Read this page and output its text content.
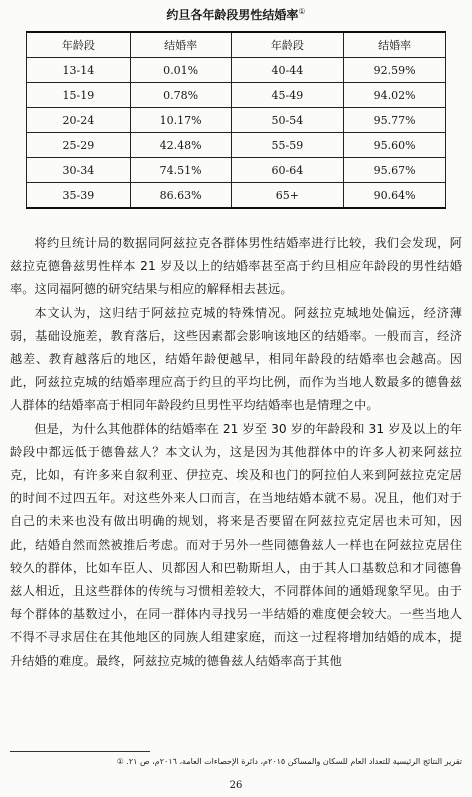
约旦各年龄段男性结婚率①
年龄段	结婚率	年龄段	结婚率
13-14	0.01%	40-44	92.59%
15-19	0.78%	45-49	94.02%
20-24	10.17%	50-54	95.77%
25-29	42.48%	55-59	95.60%
30-34	74.51%	60-64	95.67%
35-39	86.63%	65+	90.64%

将约旦统计局的数据同阿兹拉克各群体男性结婚率进行比较，我们会发现，阿兹拉克德鲁兹男性样本 21 岁及以上的结婚率甚至高于约旦相应年龄段的男性结婚率。这同福阿德的研究结果与相应的解释相去甚远。

本文认为，这归结于阿兹拉克城的特殊情况。阿兹拉克城地处偏远，经济薄弱，基础设施差，教育落后，这些因素都会影响该地区的结婚率。一般而言，经济越差、教育越落后的地区，结婚年龄便越早，相同年龄段的结婚率也会越高。因此，阿兹拉克城的结婚率理应高于约旦的平均比例，而作为当地人数最多的德鲁兹人群体的结婚率高于相同年龄段约旦男性平均结婚率也是情理之中。

但是，为什么其他群体的结婚率在 21 岁至 30 岁的年龄段和 31 岁及以上的年龄段中都远低于德鲁兹人？本文认为，这是因为其他群体中的许多人初来阿兹拉克，比如，有许多来自叙利亚、伊拉克、埃及和也门的阿拉伯人来到阿兹拉克定居的时间不过四五年。对这些外来人口而言，在当地结婚本就不易。况且，他们对于自己的未来也没有做出明确的规划，将来是否要留在阿兹拉克定居也未可知，因此，结婚自然而然被推后考虑。而对于另外一些同德鲁兹人一样也在阿兹拉克居住较久的群体，比如车臣人、贝都因人和巴勒斯坦人，由于其人口基数总和才同德鲁兹人相近，且这些群体的传统与习惯相差较大，不同群体间的通婚现象罕见。由于每个群体的基数过小，在同一群体内寻找另一半结婚的难度便会较大。一些当地人不得不寻求居住在其他地区的同族人组建家庭，而这一过程将增加结婚的成本，提升结婚的难度。最终，阿兹拉克城的德鲁兹人结婚率高于其他

تقرير النتائج الرئيسية للتعداد العام للسكان والمساكن ٢٠١٥م، دائرة الإحصاءات العامة، ٢٠١٦م، ص ٢١. ①
26
